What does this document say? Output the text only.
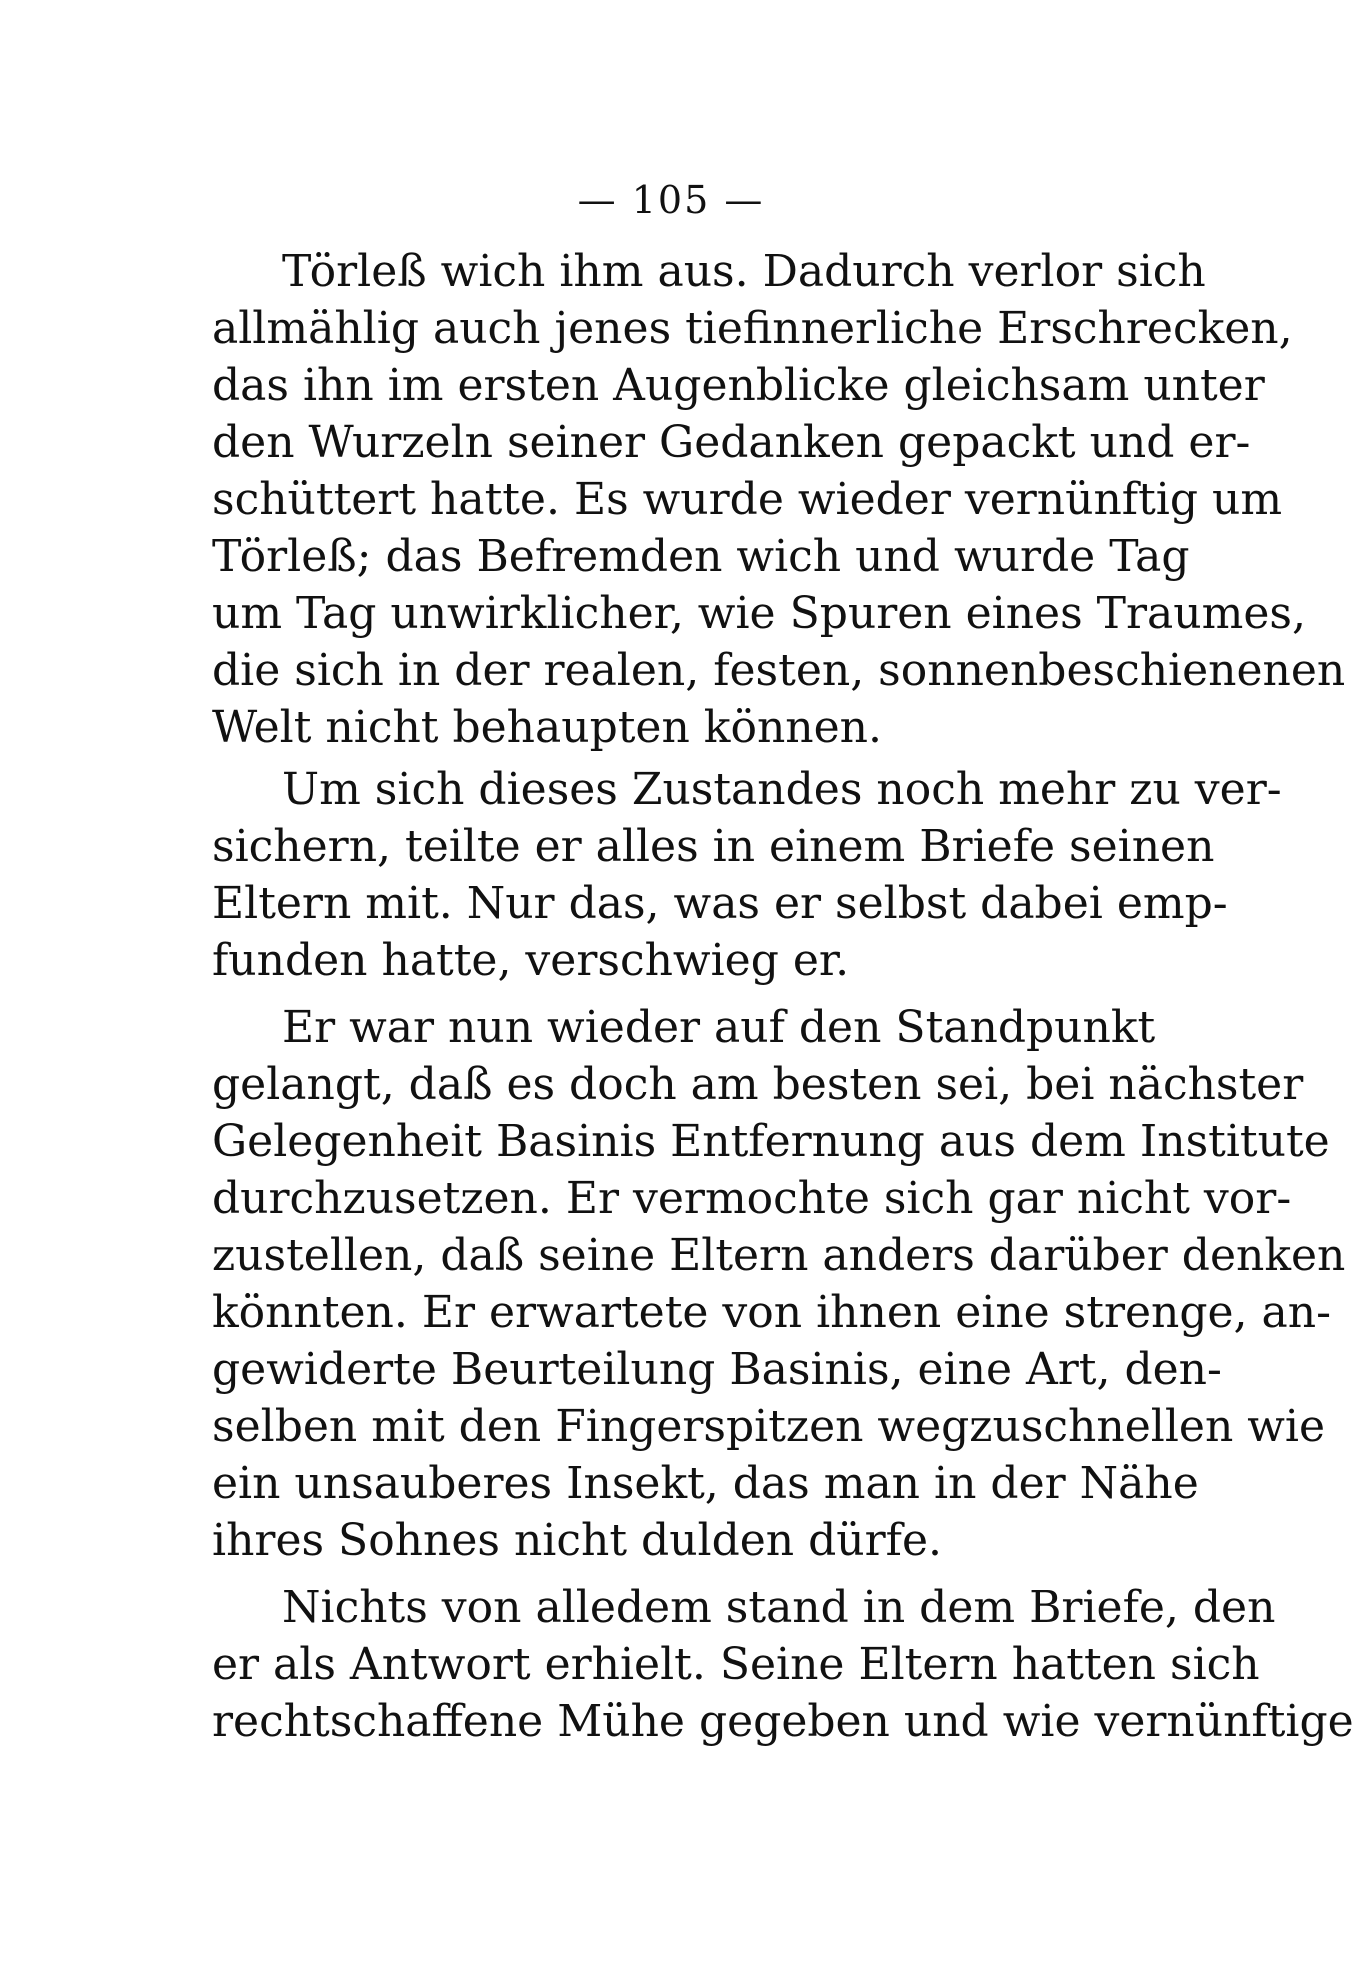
— 105 —
Törleß wich ihm aus. Dadurch verlor sich
allmählig auch jenes tiefinnerliche Erschrecken,
das ihn im ersten Augenblicke gleichsam unter
den Wurzeln seiner Gedanken gepackt und er-
schüttert hatte. Es wurde wieder vernünftig um
Törleß; das Befremden wich und wurde Tag
um Tag unwirklicher, wie Spuren eines Traumes,
die sich in der realen, festen, sonnenbeschienenen
Welt nicht behaupten können.
Um sich dieses Zustandes noch mehr zu ver-
sichern, teilte er alles in einem Briefe seinen
Eltern mit. Nur das, was er selbst dabei emp-
funden hatte, verschwieg er.
Er war nun wieder auf den Standpunkt
gelangt, daß es doch am besten sei, bei nächster
Gelegenheit Basinis Entfernung aus dem Institute
durchzusetzen. Er vermochte sich gar nicht vor-
zustellen, daß seine Eltern anders darüber denken
könnten. Er erwartete von ihnen eine strenge, an-
gewiderte Beurteilung Basinis, eine Art, den-
selben mit den Fingerspitzen wegzuschnellen wie
ein unsauberes Insekt, das man in der Nähe
ihres Sohnes nicht dulden dürfe.
Nichts von alledem stand in dem Briefe, den
er als Antwort erhielt. Seine Eltern hatten sich
rechtschaffene Mühe gegeben und wie vernünftige
